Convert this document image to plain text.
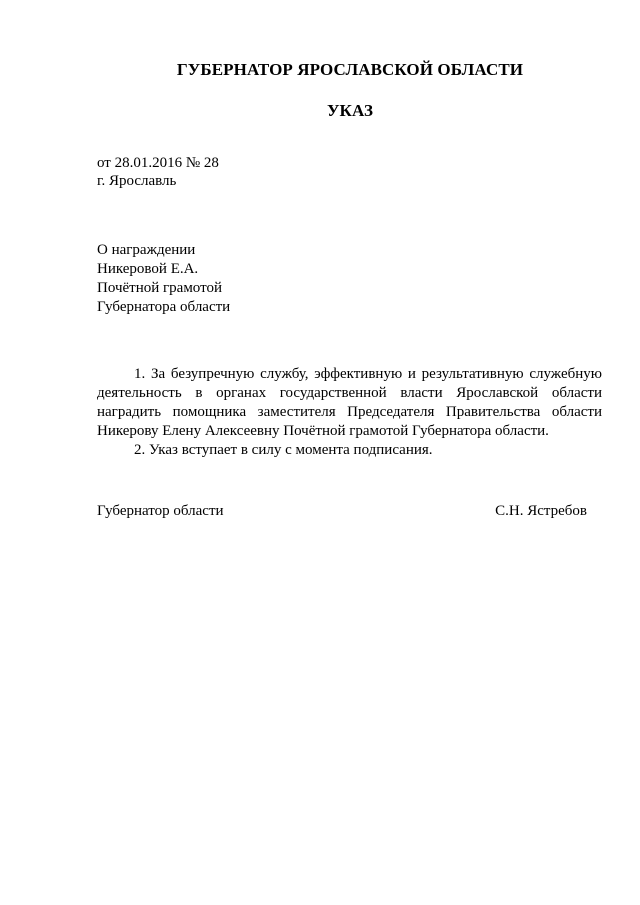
ГУБЕРНАТОР ЯРОСЛАВСКОЙ ОБЛАСТИ
УКАЗ
от 28.01.2016 № 28
г. Ярославль
О награждении
Никеровой Е.А.
Почётной грамотой
Губернатора области
1. За безупречную службу, эффективную и результативную служебную деятельность в органах государственной власти Ярославской области наградить помощника заместителя Председателя Правительства области Никерову Елену Алексеевну Почётной грамотой Губернатора области.
2. Указ вступает в силу с момента подписания.
Губернатор области	С.Н. Ястребов
